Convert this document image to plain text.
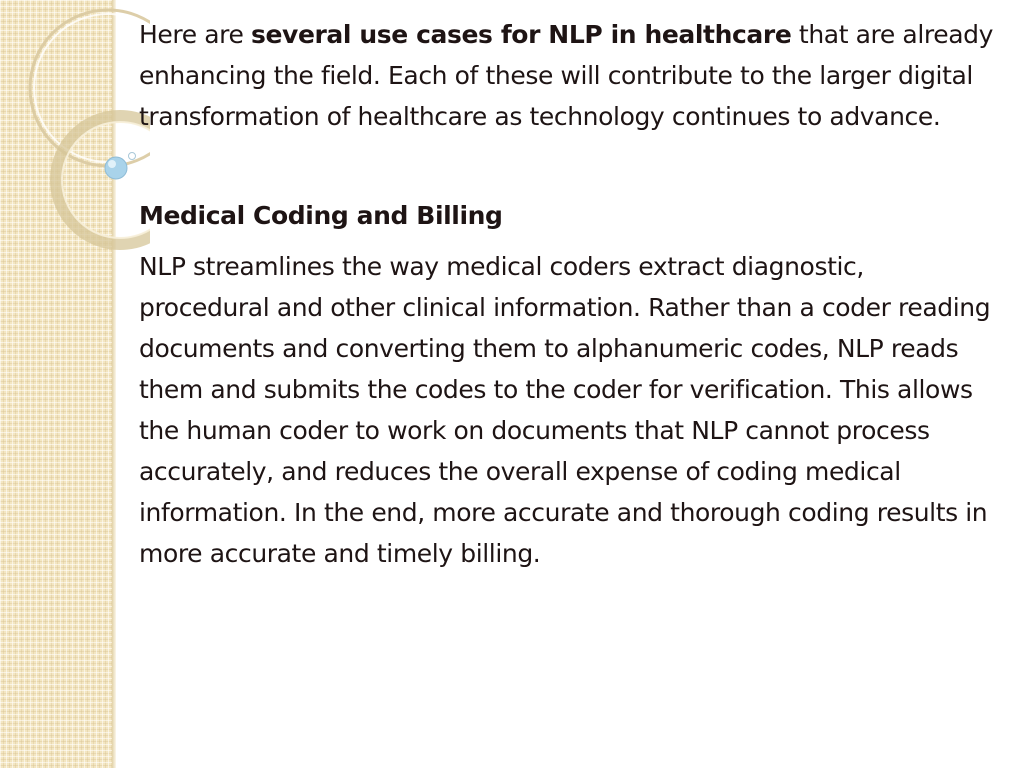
Here are several use cases for NLP in healthcare that are already enhancing the field. Each of these will contribute to the larger digital transformation of healthcare as technology continues to advance.

Medical Coding and Billing

NLP streamlines the way medical coders extract diagnostic, procedural and other clinical information. Rather than a coder reading documents and converting them to alphanumeric codes, NLP reads them and submits the codes to the coder for verification. This allows the human coder to work on documents that NLP cannot process accurately, and reduces the overall expense of coding medical information. In the end, more accurate and thorough coding results in more accurate and timely billing.
